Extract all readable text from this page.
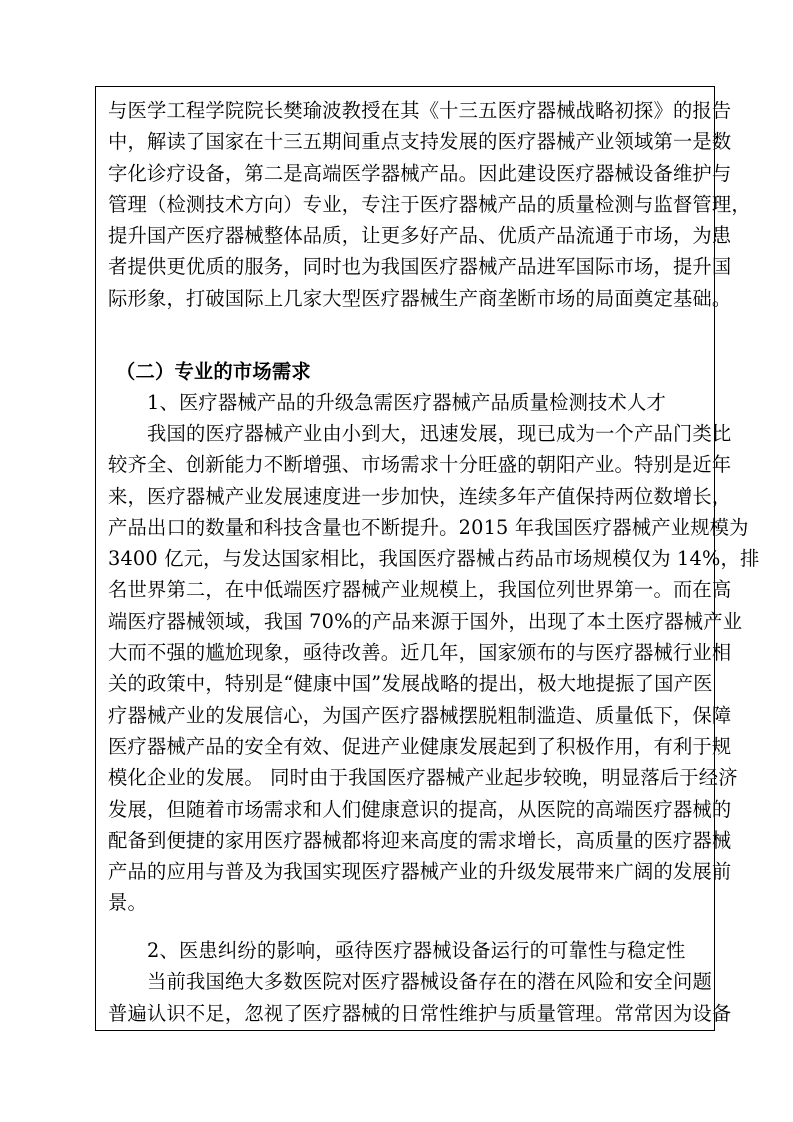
与医学工程学院院长樊瑜波教授在其《十三五医疗器械战略初探》的报告
中，解读了国家在十三五期间重点支持发展的医疗器械产业领域第一是数
字化诊疗设备，第二是高端医学器械产品。因此建设医疗器械设备维护与
管理（检测技术方向）专业，专注于医疗器械产品的质量检测与监督管理，
提升国产医疗器械整体品质，让更多好产品、优质产品流通于市场，为患
者提供更优质的服务，同时也为我国医疗器械产品进军国际市场，提升国
际形象，打破国际上几家大型医疗器械生产商垄断市场的局面奠定基础。
（二）专业的市场需求
1、医疗器械产品的升级急需医疗器械产品质量检测技术人才
我国的医疗器械产业由小到大，迅速发展，现已成为一个产品门类比
较齐全、创新能力不断增强、市场需求十分旺盛的朝阳产业。特别是近年
来，医疗器械产业发展速度进一步加快，连续多年产值保持两位数增长，
产品出口的数量和科技含量也不断提升。2015 年我国医疗器械产业规模为
3400 亿元，与发达国家相比，我国医疗器械占药品市场规模仅为 14%，排
名世界第二，在中低端医疗器械产业规模上，我国位列世界第一。而在高
端医疗器械领域，我国 70%的产品来源于国外，出现了本土医疗器械产业
大而不强的尴尬现象，亟待改善。近几年，国家颁布的与医疗器械行业相
关的政策中，特别是“健康中国”发展战略的提出，极大地提振了国产医
疗器械产业的发展信心，为国产医疗器械摆脱粗制滥造、质量低下，保障
医疗器械产品的安全有效、促进产业健康发展起到了积极作用，有利于规
模化企业的发展。 同时由于我国医疗器械产业起步较晚，明显落后于经济
发展，但随着市场需求和人们健康意识的提高，从医院的高端医疗器械的
配备到便捷的家用医疗器械都将迎来高度的需求增长，高质量的医疗器械
产品的应用与普及为我国实现医疗器械产业的升级发展带来广阔的发展前
景。
2、医患纠纷的影响，亟待医疗器械设备运行的可靠性与稳定性
当前我国绝大多数医院对医疗器械设备存在的潜在风险和安全问题
普遍认识不足，忽视了医疗器械的日常性维护与质量管理。常常因为设备
